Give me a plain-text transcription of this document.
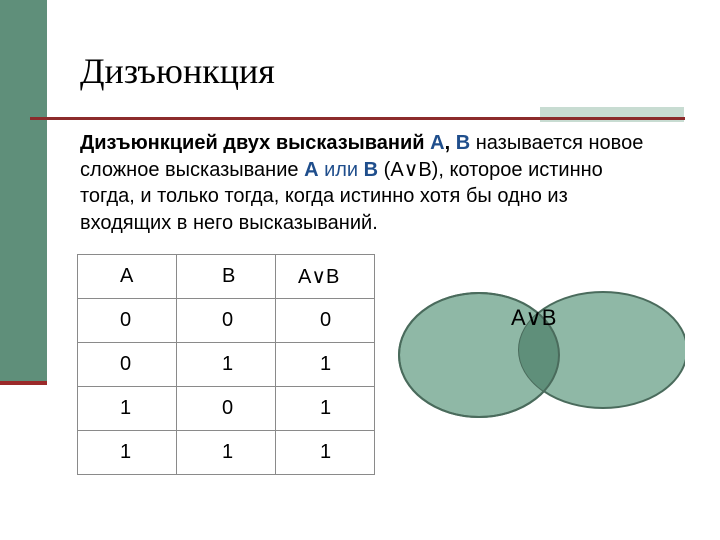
Дизъюнкция
Дизъюнкцией двух высказываний А, В называется новое сложное высказывание А или В (А∨В), которое истинно тогда, и только тогда, когда истинно хотя бы одно из входящих в него высказываний.
A	B	A∨B
0	0	0
0	1	1
1	0	1
1	1	1
A∨B
